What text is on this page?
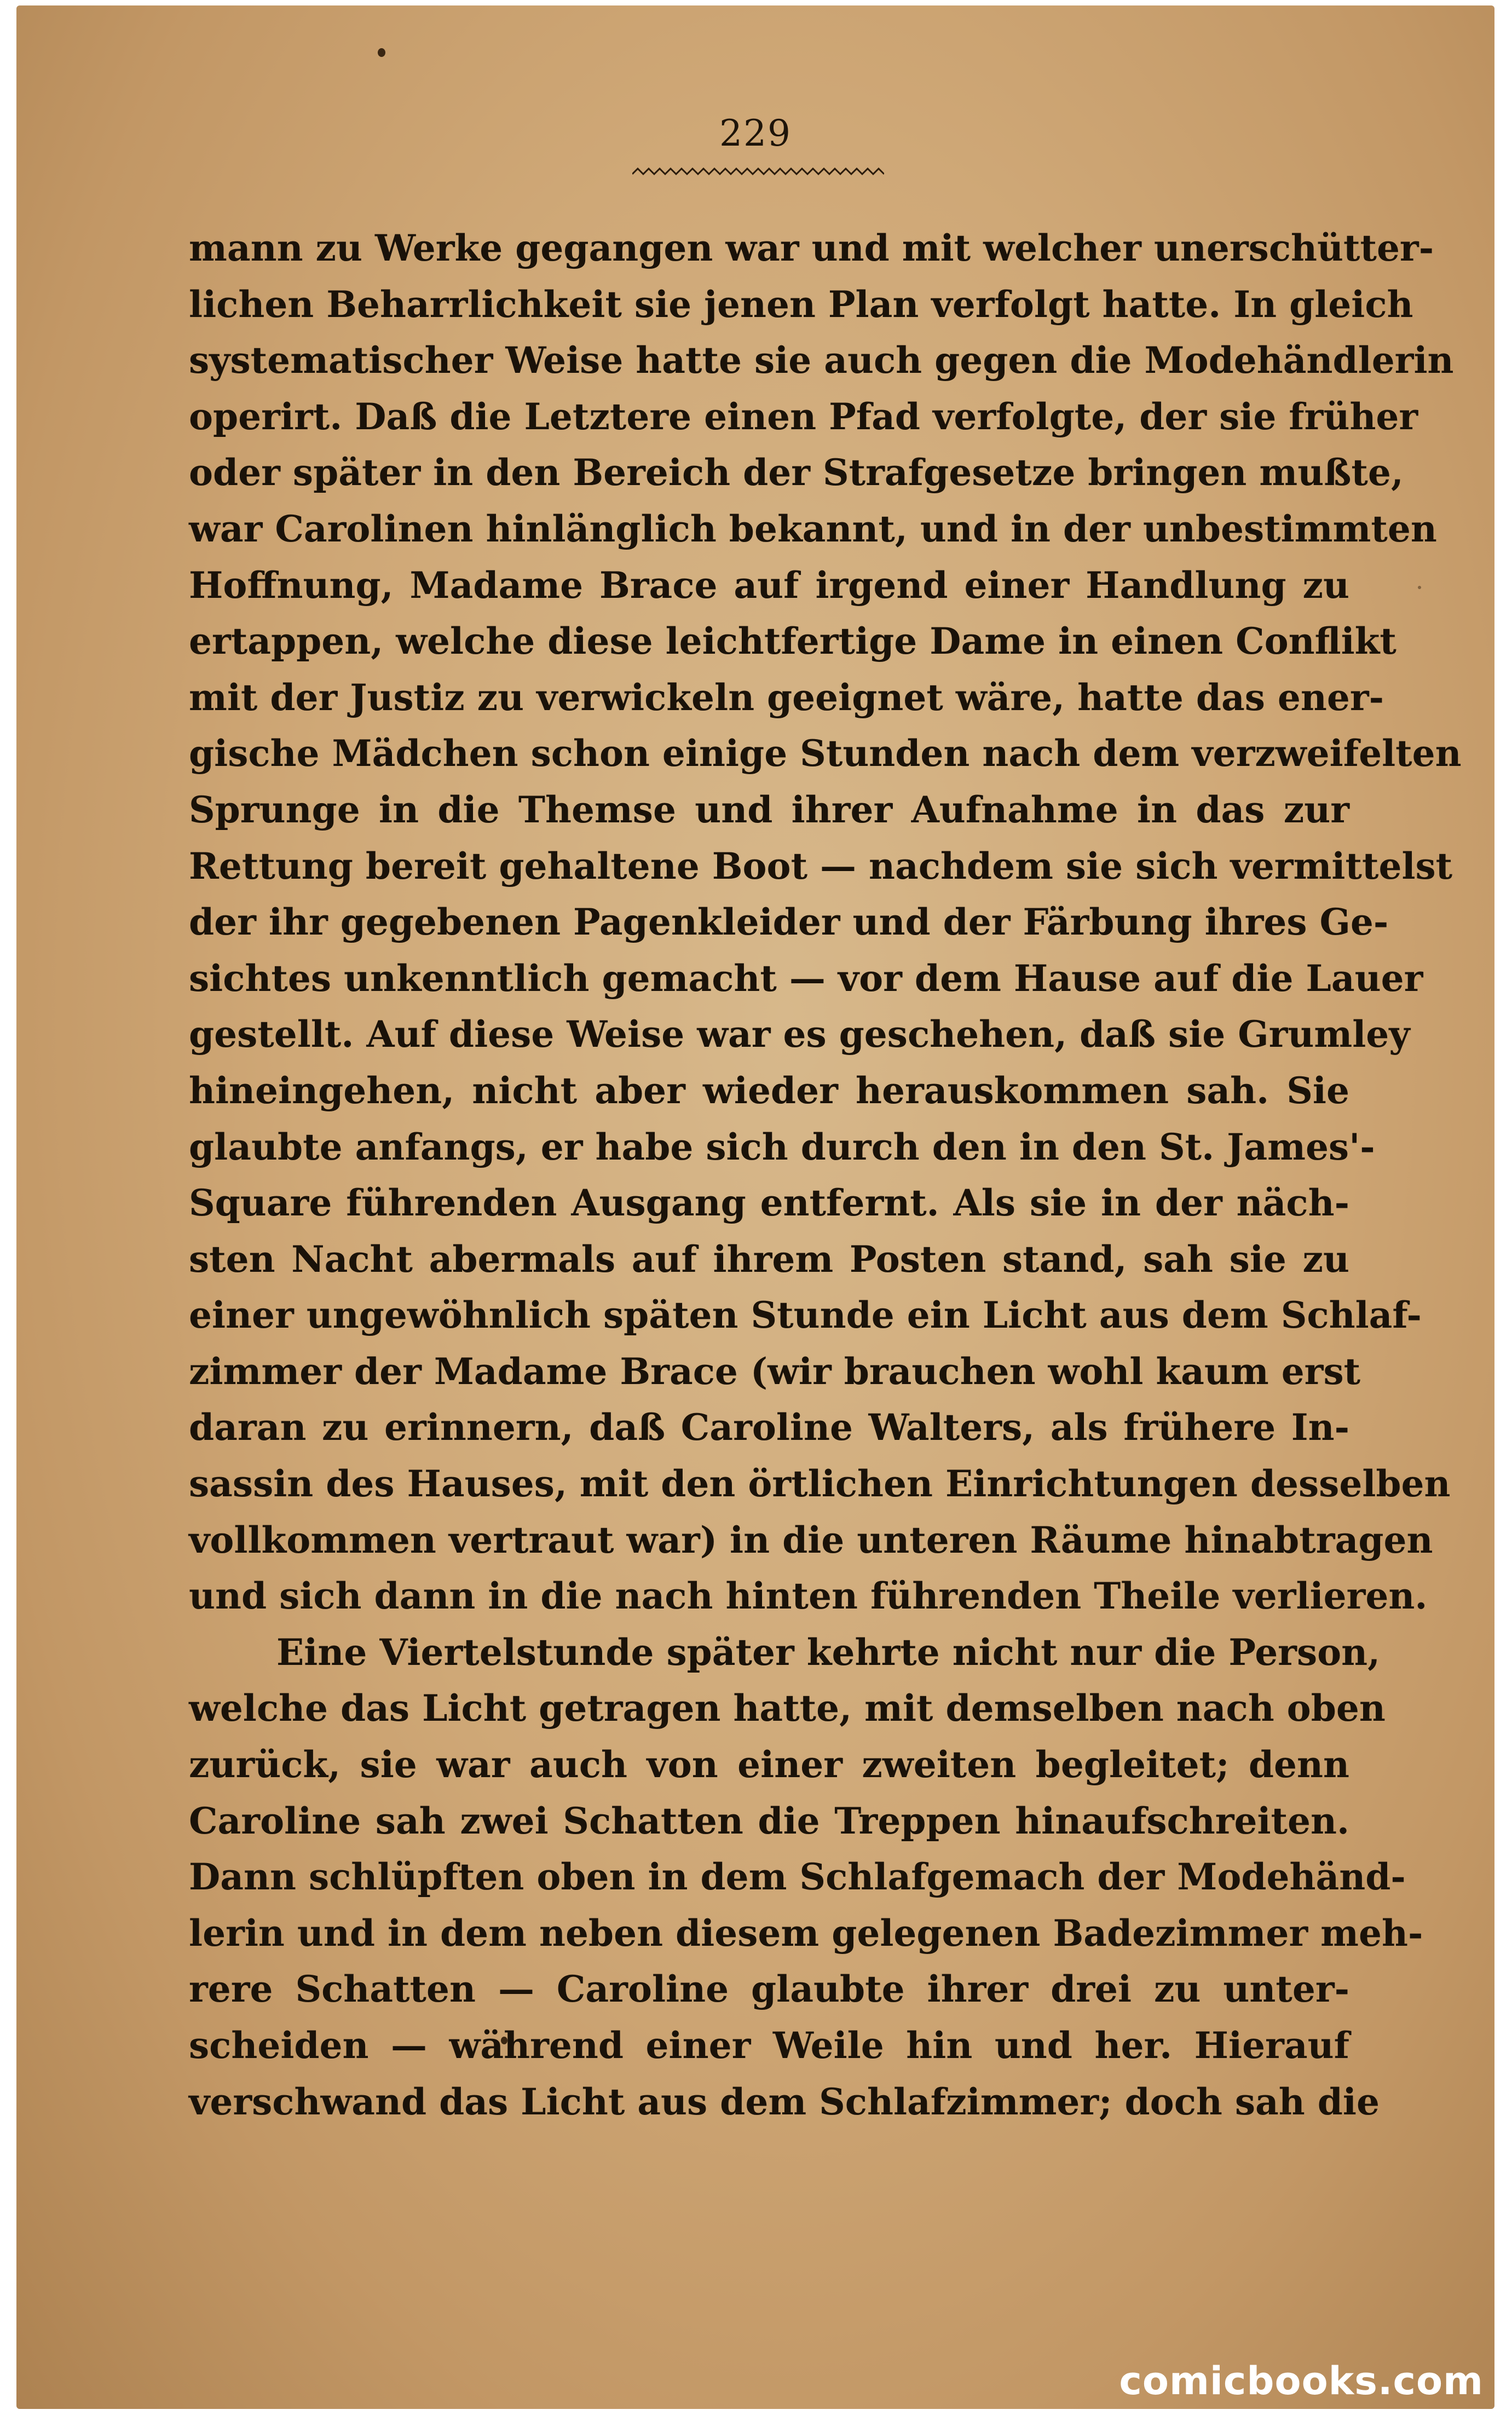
229
mann zu Werke gegangen war und mit welcher unerschütter-
lichen Beharrlichkeit sie jenen Plan verfolgt hatte. In gleich
systematischer Weise hatte sie auch gegen die Modehändlerin
operirt. Daß die Letztere einen Pfad verfolgte, der sie früher
oder später in den Bereich der Strafgesetze bringen mußte,
war Carolinen hinlänglich bekannt, und in der unbestimmten
Hoffnung, Madame Brace auf irgend einer Handlung zu
ertappen, welche diese leichtfertige Dame in einen Conflikt
mit der Justiz zu verwickeln geeignet wäre, hatte das ener-
gische Mädchen schon einige Stunden nach dem verzweifelten
Sprunge in die Themse und ihrer Aufnahme in das zur
Rettung bereit gehaltene Boot — nachdem sie sich vermittelst
der ihr gegebenen Pagenkleider und der Färbung ihres Ge-
sichtes unkenntlich gemacht — vor dem Hause auf die Lauer
gestellt. Auf diese Weise war es geschehen, daß sie Grumley
hineingehen, nicht aber wieder herauskommen sah. Sie
glaubte anfangs, er habe sich durch den in den St. James'-
Square führenden Ausgang entfernt. Als sie in der näch-
sten Nacht abermals auf ihrem Posten stand, sah sie zu
einer ungewöhnlich späten Stunde ein Licht aus dem Schlaf-
zimmer der Madame Brace (wir brauchen wohl kaum erst
daran zu erinnern, daß Caroline Walters, als frühere In-
sassin des Hauses, mit den örtlichen Einrichtungen desselben
vollkommen vertraut war) in die unteren Räume hinabtragen
und sich dann in die nach hinten führenden Theile verlieren.
Eine Viertelstunde später kehrte nicht nur die Person,
welche das Licht getragen hatte, mit demselben nach oben
zurück, sie war auch von einer zweiten begleitet; denn
Caroline sah zwei Schatten die Treppen hinaufschreiten.
Dann schlüpften oben in dem Schlafgemach der Modehänd-
lerin und in dem neben diesem gelegenen Badezimmer meh-
rere Schatten — Caroline glaubte ihrer drei zu unter-
scheiden — während einer Weile hin und her. Hierauf
verschwand das Licht aus dem Schlafzimmer; doch sah die
comicbooks.com
